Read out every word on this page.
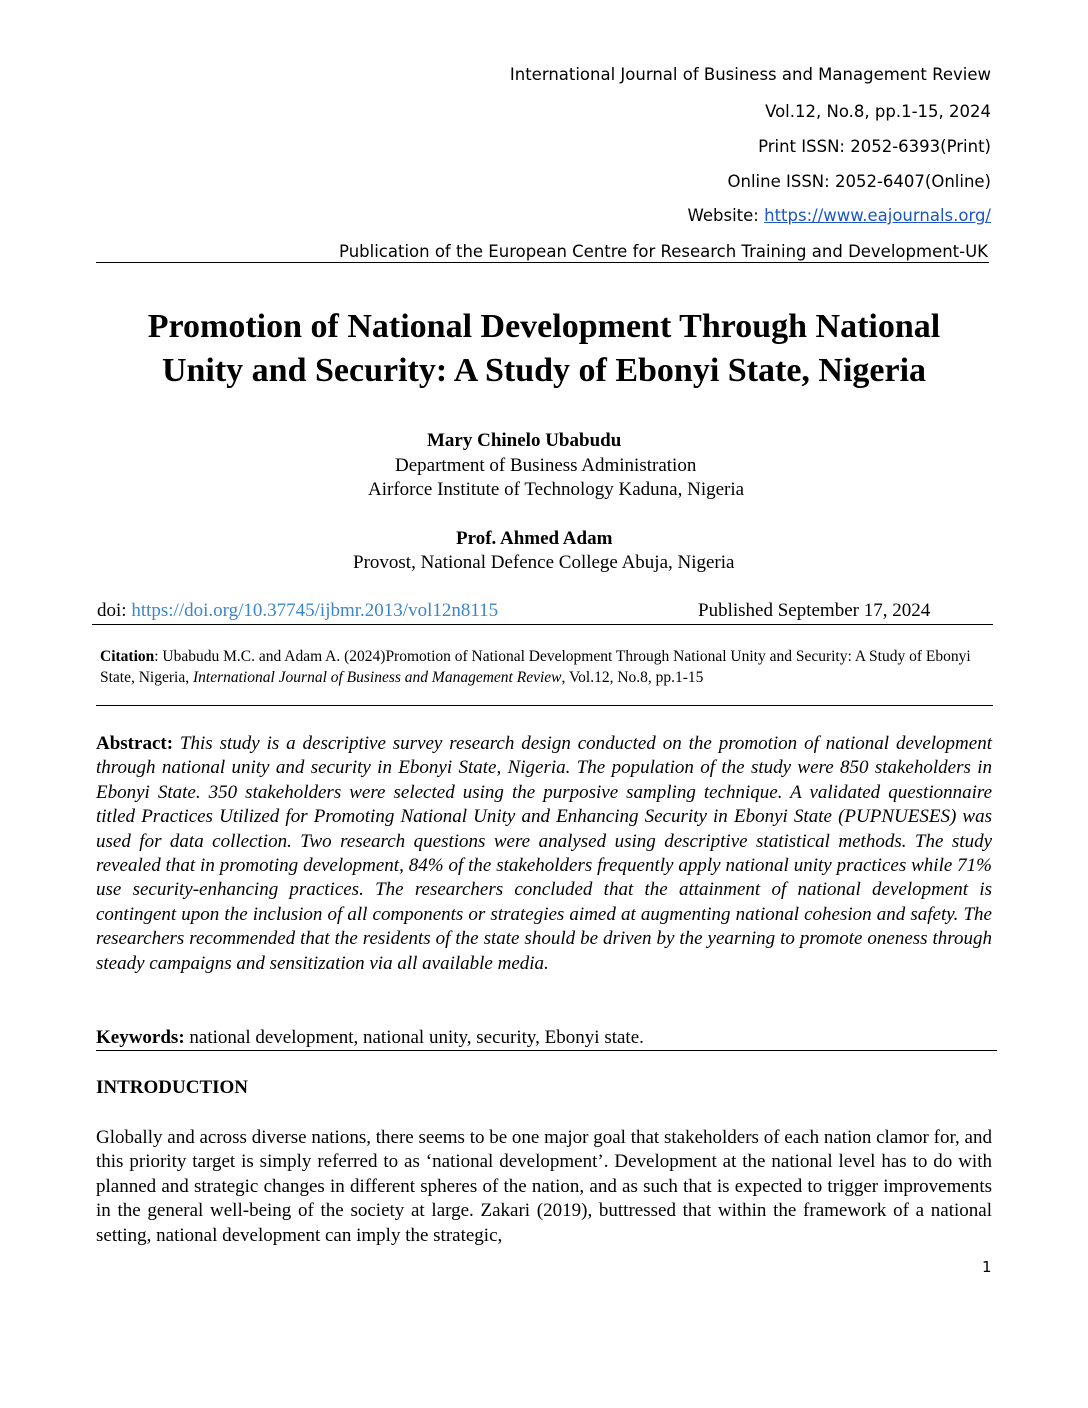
International Journal of Business and Management Review
Vol.12, No.8, pp.1-15, 2024
Print ISSN: 2052-6393(Print)
Online ISSN: 2052-6407(Online)
Website: https://www.eajournals.org/
Publication of the European Centre for Research Training and Development-UK
Promotion of National Development Through National
Unity and Security: A Study of Ebonyi State, Nigeria
Mary Chinelo Ubabudu
Department of Business Administration
Airforce Institute of Technology Kaduna, Nigeria
Prof. Ahmed Adam
Provost, National Defence College Abuja, Nigeria
doi: https://doi.org/10.37745/ijbmr.2013/vol12n8115	Published September 17, 2024
Citation: Ubabudu M.C. and Adam A. (2024)Promotion of National Development Through National Unity and Security: A Study of Ebonyi State, Nigeria, International Journal of Business and Management Review, Vol.12, No.8, pp.1-15
Abstract: This study is a descriptive survey research design conducted on the promotion of national development through national unity and security in Ebonyi State, Nigeria. The population of the study were 850 stakeholders in Ebonyi State. 350 stakeholders were selected using the purposive sampling technique. A validated questionnaire titled Practices Utilized for Promoting National Unity and Enhancing Security in Ebonyi State (PUPNUESES) was used for data collection. Two research questions were analysed using descriptive statistical methods. The study revealed that in promoting development, 84% of the stakeholders frequently apply national unity practices while 71% use security-enhancing practices. The researchers concluded that the attainment of national development is contingent upon the inclusion of all components or strategies aimed at augmenting national cohesion and safety. The researchers recommended that the residents of the state should be driven by the yearning to promote oneness through steady campaigns and sensitization via all available media.
Keywords: national development, national unity, security, Ebonyi state.
INTRODUCTION
Globally and across diverse nations, there seems to be one major goal that stakeholders of each nation clamor for, and this priority target is simply referred to as ‘national development’. Development at the national level has to do with planned and strategic changes in different spheres of the nation, and as such that is expected to trigger improvements in the general well-being of the society at large. Zakari (2019), buttressed that within the framework of a national setting, national development can imply the strategic,
1
